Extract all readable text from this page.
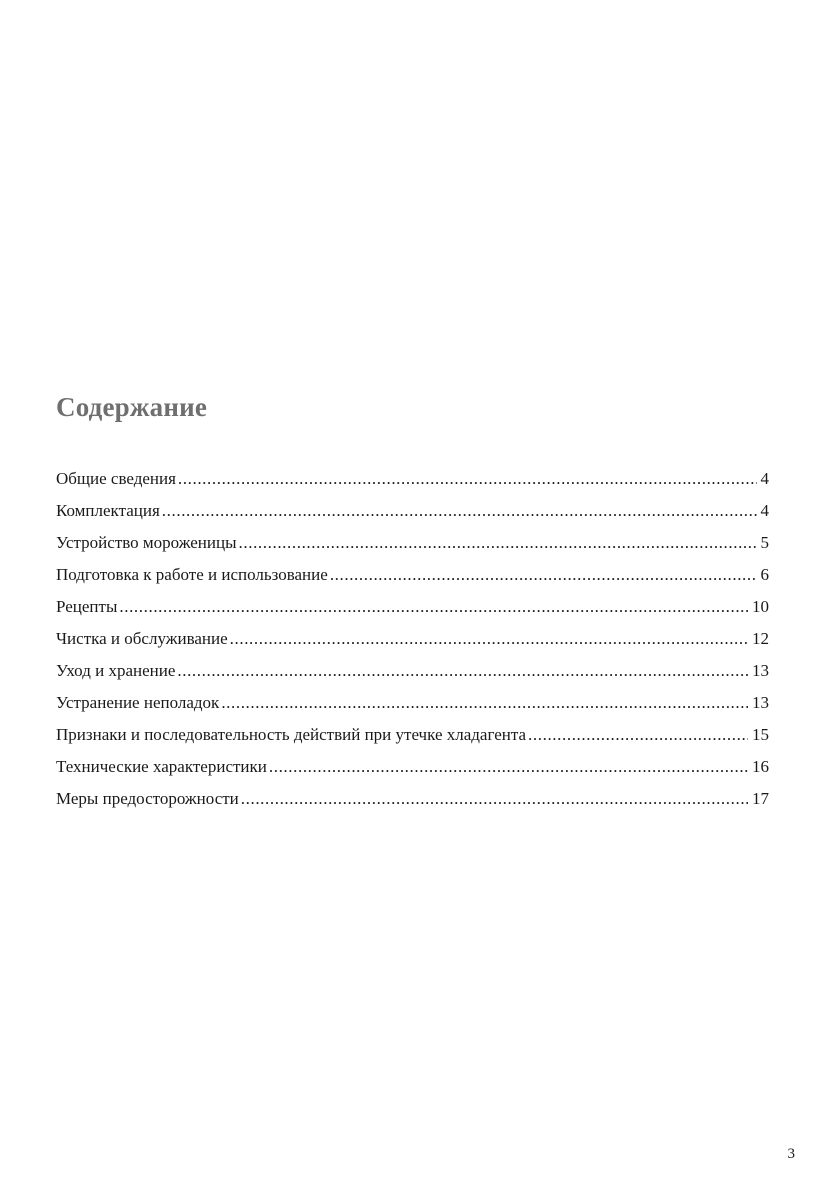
Содержание
Общие сведения .....	4
Комплектация .....	4
Устройство мороженицы .....	5
Подготовка к работе и использование .....	6
Рецепты .....	10
Чистка и обслуживание .....	12
Уход и хранение .....	13
Устранение неполадок .....	13
Признаки и последовательность действий при утечке хладагента .....	15
Технические характеристики .....	16
Меры предосторожности .....	17
3
